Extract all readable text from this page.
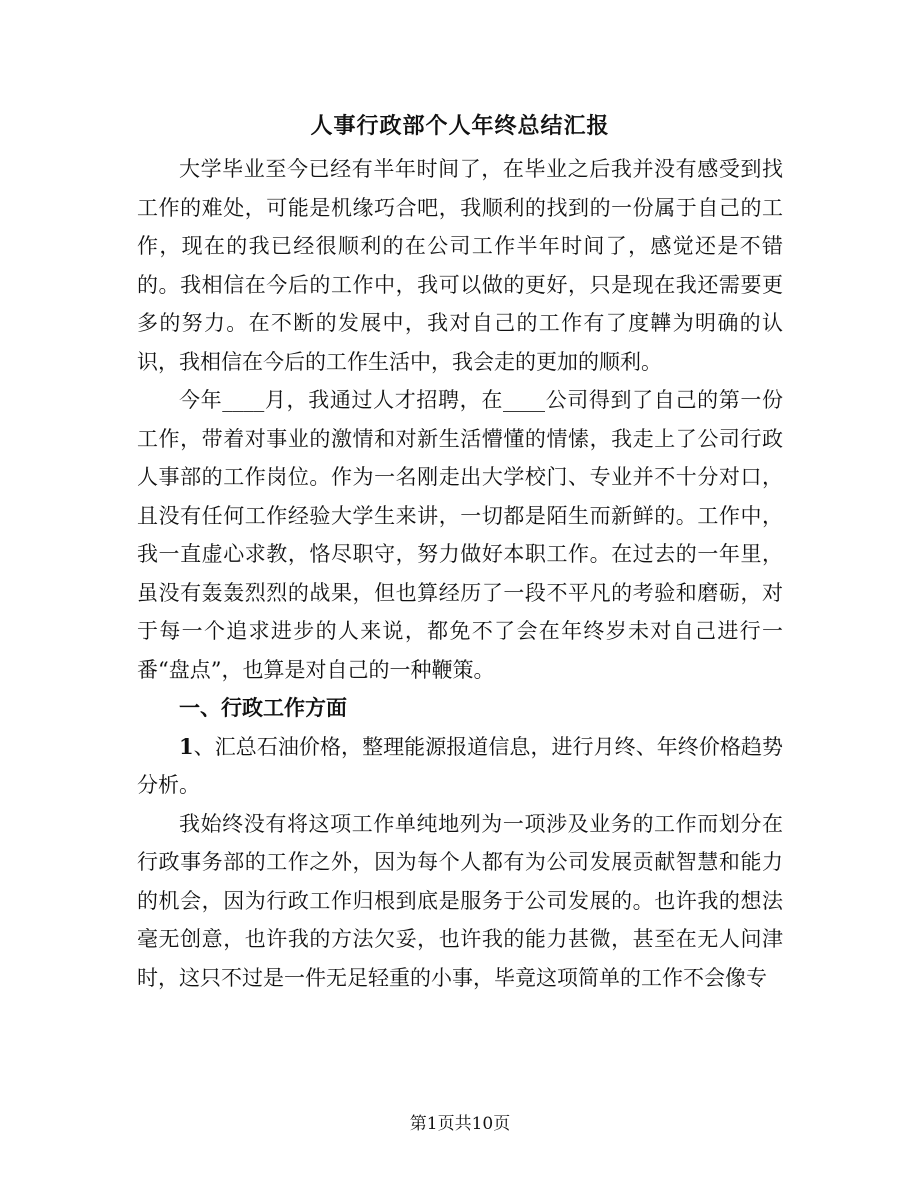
人事行政部个人年终总结汇报

大学毕业至今已经有半年时间了，在毕业之后我并没有感受到找工作的难处，可能是机缘巧合吧，我顺利的找到的一份属于自己的工作，现在的我已经很顺利的在公司工作半年时间了，感觉还是不错的。我相信在今后的工作中，我可以做的更好，只是现在我还需要更多的努力。在不断的发展中，我对自己的工作有了度韡为明确的认识，我相信在今后的工作生活中，我会走的更加的顺利。

今年____月，我通过人才招聘，在____公司得到了自己的第一份工作，带着对事业的激情和对新生活懵懂的情愫，我走上了公司行政人事部的工作岗位。作为一名刚走出大学校门、专业并不十分对口，且没有任何工作经验大学生来讲，一切都是陌生而新鲜的。工作中，我一直虚心求教，恪尽职守，努力做好本职工作。在过去的一年里，虽没有轰轰烈烈的战果，但也算经历了一段不平凡的考验和磨砺，对于每一个追求进步的人来说，都免不了会在年终岁未对自己进行一番“盘点”，也算是对自己的一种鞭策。

一、行政工作方面

1、汇总石油价格，整理能源报道信息，进行月终、年终价格趋势分析。

我始终没有将这项工作单纯地列为一项涉及业务的工作而划分在行政事务部的工作之外，因为每个人都有为公司发展贡献智慧和能力的机会，因为行政工作归根到底是服务于公司发展的。也许我的想法毫无创意，也许我的方法欠妥，也许我的能力甚微，甚至在无人问津时，这只不过是一件无足轻重的小事，毕竟这项简单的工作不会像专

第1页共10页
